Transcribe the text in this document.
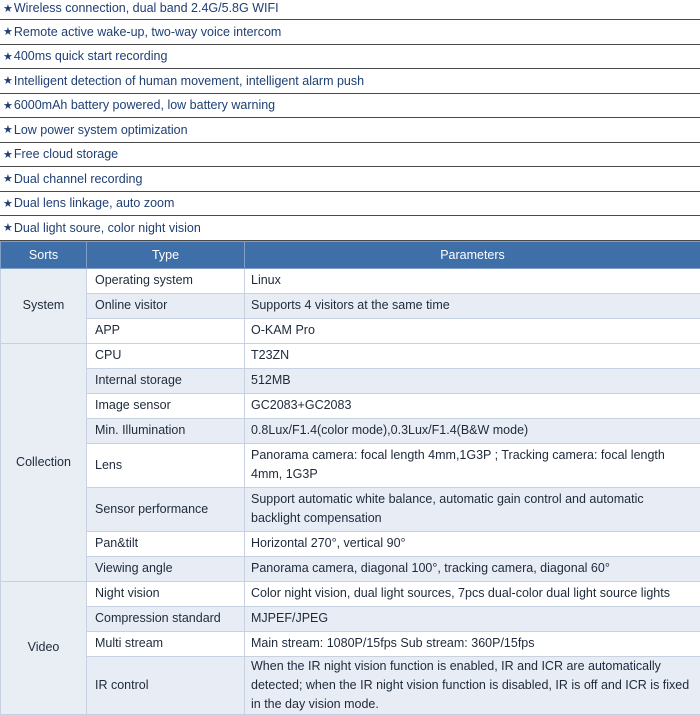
★ Wireless connection, dual band 2.4G/5.8G WIFI
★ Remote active wake-up, two-way voice intercom
★ 400ms quick start recording
★ Intelligent detection of human movement, intelligent alarm push
★ 6000mAh battery powered, low battery warning
★ Low power system optimization
★ Free cloud storage
★ Dual channel recording
★ Dual lens linkage, auto zoom
★ Dual light soure, color night vision
Sorts	Type	Parameters
System	Operating system	Linux
	Online visitor	Supports 4 visitors at the same time
	APP	O-KAM Pro
Collection	CPU	T23ZN
	Internal storage	512MB
	Image sensor	GC2083+GC2083
	Min. Illumination	0.8Lux/F1.4(color mode),0.3Lux/F1.4(B&W mode)
	Lens	Panorama camera: focal length 4mm,1G3P ; Tracking camera: focal length 4mm, 1G3P
	Sensor performance	Support automatic white balance, automatic gain control and automatic backlight compensation
	Pan&tilt	Horizontal 270°, vertical 90°
	Viewing angle	Panorama camera, diagonal 100°, tracking camera, diagonal 60°
Video	Night vision	Color night vision, dual light sources, 7pcs dual-color dual light source lights
	Compression standard	MJPEF/JPEG
	Multi stream	Main stream: 1080P/15fps Sub stream: 360P/15fps
	IR control	When the IR night vision function is enabled, IR and ICR are automatically detected; when the IR night vision function is disabled, IR is off and ICR is fixed in the day vision mode.
